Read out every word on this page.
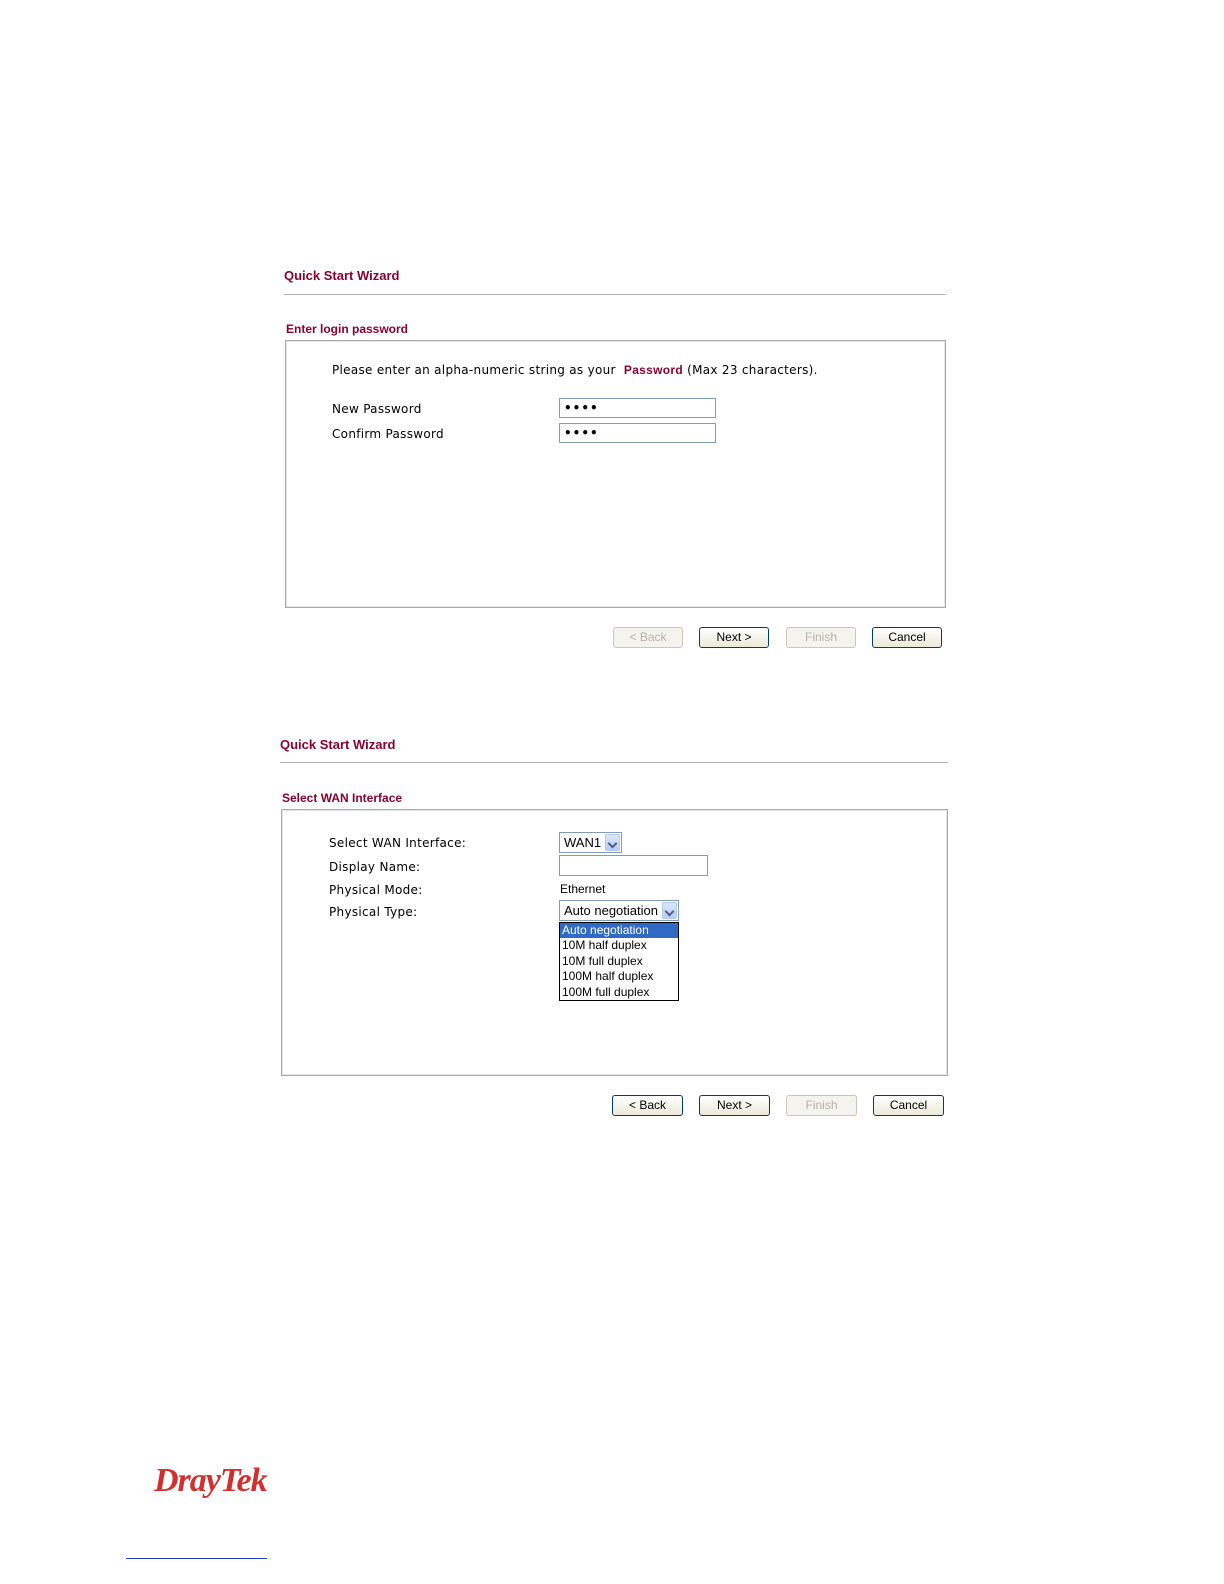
Quick Start Wizard
Enter login password
Please enter an alpha-numeric string as your Password (Max 23 characters).
New Password	••••
Confirm Password	••••
< Back	Next >	Finish	Cancel
Quick Start Wizard
Select WAN Interface
Select WAN Interface:	WAN1
Display Name:
Physical Mode:	Ethernet
Physical Type:	Auto negotiation
Auto negotiation
10M half duplex
10M full duplex
100M half duplex
100M full duplex
< Back	Next >	Finish	Cancel
DrayTek
